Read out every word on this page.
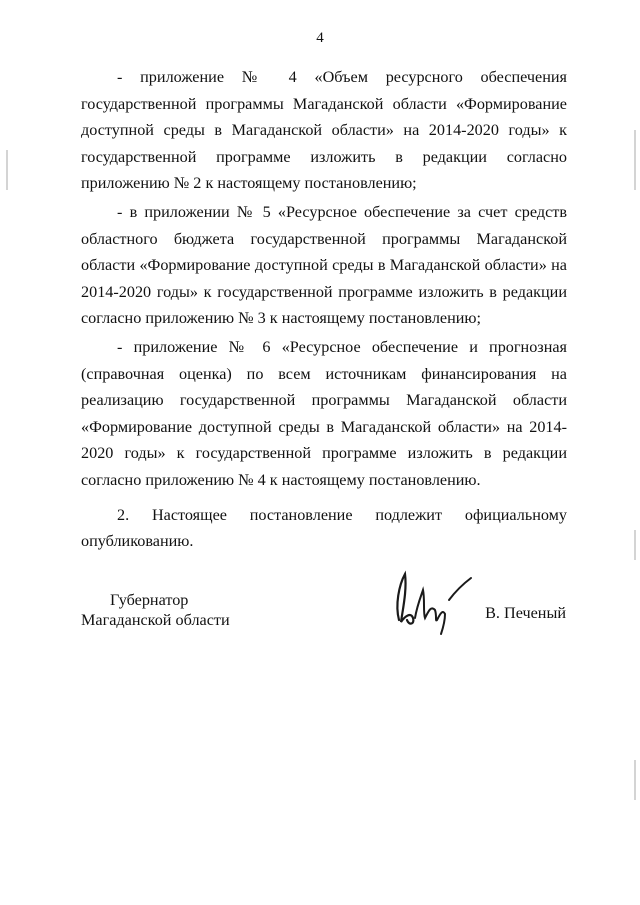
4

- приложение № 4 «Объем ресурсного обеспечения государственной программы Магаданской области «Формирование доступной среды в Магаданской области» на 2014-2020 годы» к государственной программе изложить в редакции согласно приложению № 2 к настоящему постановлению;

- в приложении № 5 «Ресурсное обеспечение за счет средств областного бюджета государственной программы Магаданской области «Формирование доступной среды в Магаданской области» на 2014-2020 годы» к государственной программе изложить в редакции согласно приложению № 3 к настоящему постановлению;

- приложение № 6 «Ресурсное обеспечение и прогнозная (справочная оценка) по всем источникам финансирования на реализацию государственной программы Магаданской области «Формирование доступной среды в Магаданской области» на 2014-2020 годы» к государственной программе изложить в редакции согласно приложению № 4 к настоящему постановлению.

2. Настоящее постановление подлежит официальному опубликованию.

Губернатор
Магаданской области	В. Печеный
